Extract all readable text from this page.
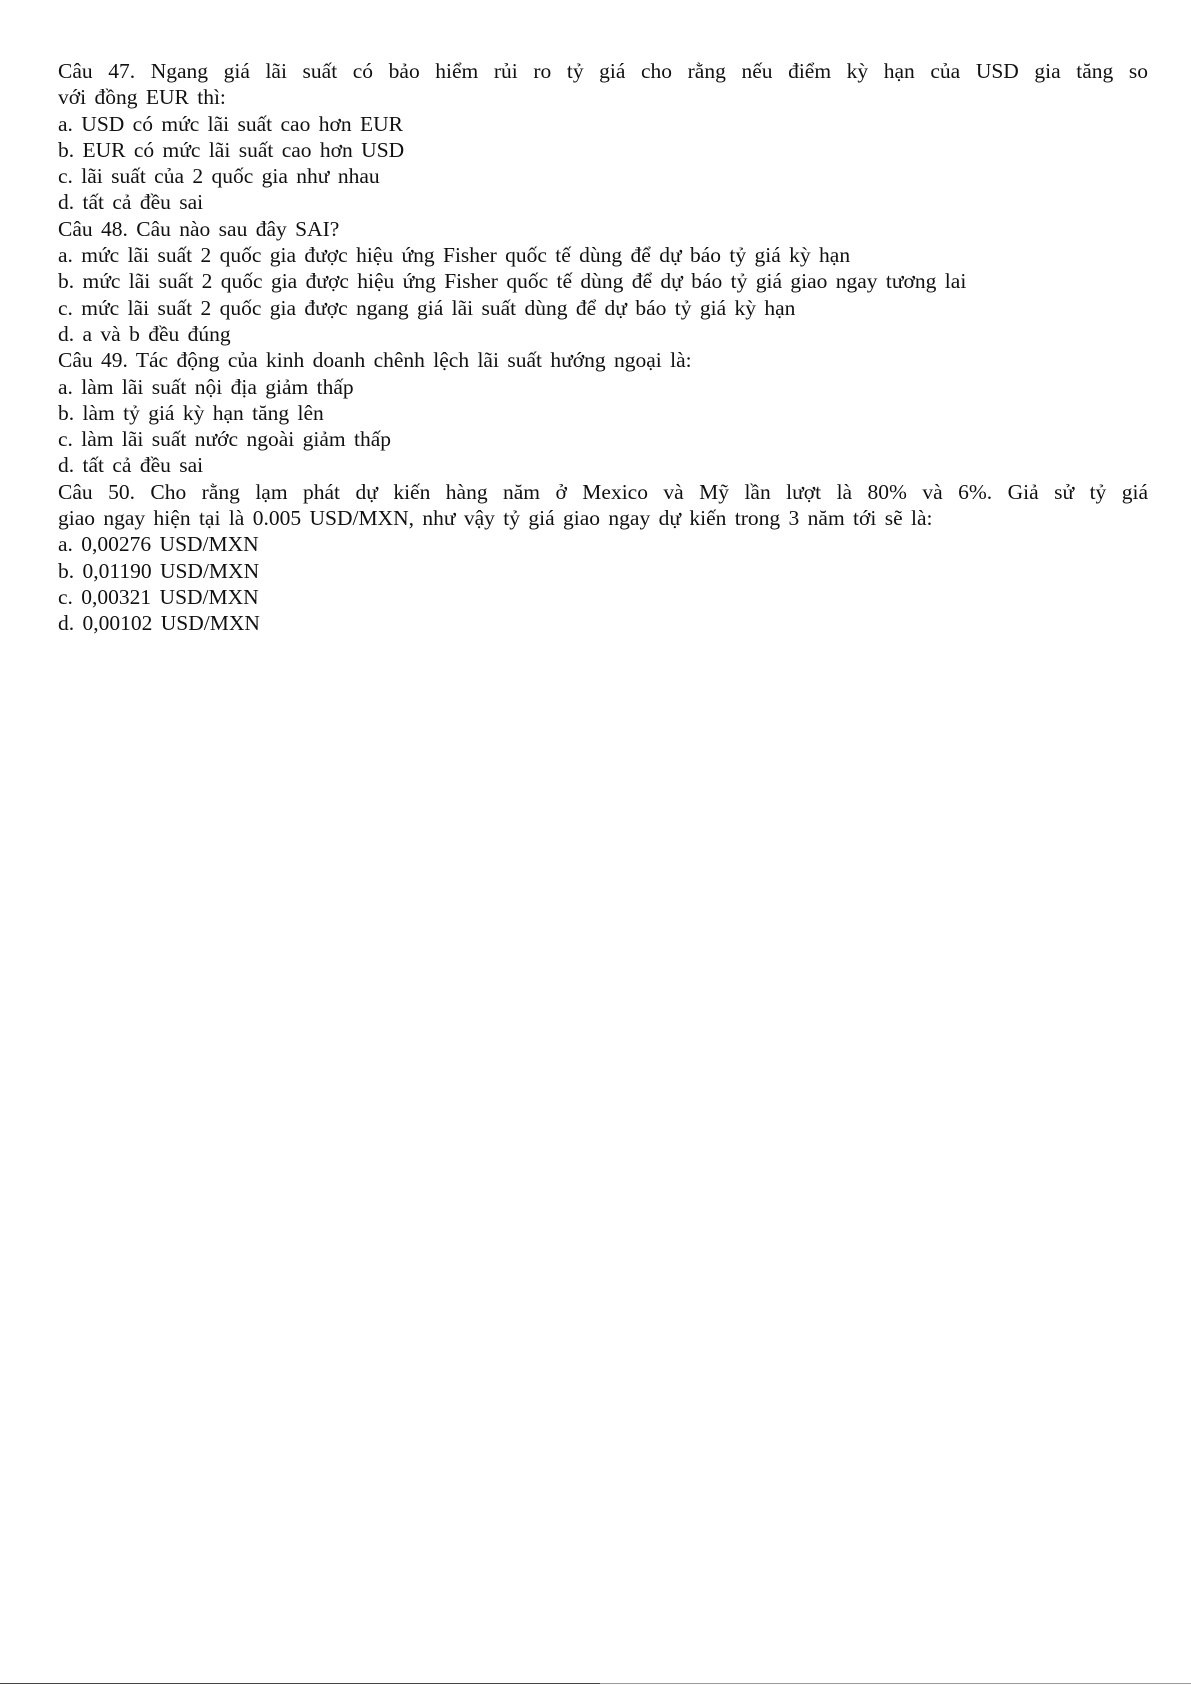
Câu 47. Ngang giá lãi suất có bảo hiểm rủi ro tỷ giá cho rằng nếu điểm kỳ hạn của USD gia tăng so
với đồng EUR thì:
a. USD có mức lãi suất cao hơn EUR
b. EUR có mức lãi suất cao hơn USD
c. lãi suất của 2 quốc gia như nhau
d. tất cả đều sai
Câu 48. Câu nào sau đây SAI?
a. mức lãi suất 2 quốc gia được hiệu ứng Fisher quốc tế dùng để dự báo tỷ giá kỳ hạn
b. mức lãi suất 2 quốc gia được hiệu ứng Fisher quốc tế dùng để dự báo tỷ giá giao ngay tương lai
c. mức lãi suất 2 quốc gia được ngang giá lãi suất dùng để dự báo tỷ giá kỳ hạn
d. a và b đều đúng
Câu 49. Tác động của kinh doanh chênh lệch lãi suất hướng ngoại là:
a. làm lãi suất nội địa giảm thấp
b. làm tỷ giá kỳ hạn tăng lên
c. làm lãi suất nước ngoài giảm thấp
d. tất cả đều sai
Câu 50. Cho rằng lạm phát dự kiến hàng năm ở Mexico và Mỹ lần lượt là 80% và 6%. Giả sử tỷ giá
giao ngay hiện tại là 0.005 USD/MXN, như vậy tỷ giá giao ngay dự kiến trong 3 năm tới sẽ là:
a. 0,00276 USD/MXN
b. 0,01190 USD/MXN
c. 0,00321 USD/MXN
d. 0,00102 USD/MXN
